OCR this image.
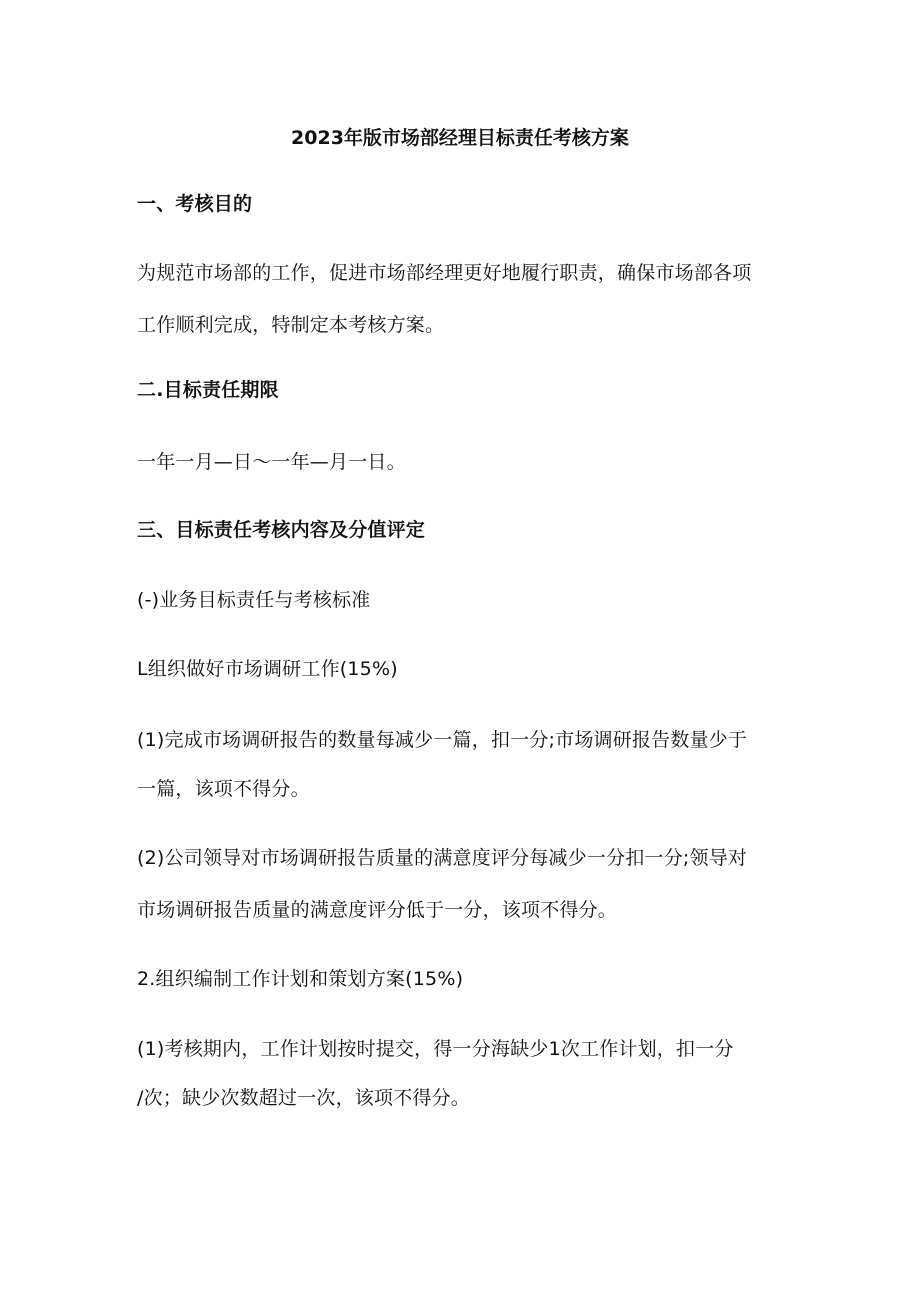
2023年版市场部经理目标责任考核方案
一、考核目的
为规范市场部的工作，促进市场部经理更好地履行职责，确保市场部各项
工作顺利完成，特制定本考核方案。
二.目标责任期限
一年一月—日～一年—月一日。
三、目标责任考核内容及分值评定
(-)业务目标责任与考核标准
L组织做好市场调研工作(15%)
(1)完成市场调研报告的数量每减少一篇，扣一分;市场调研报告数量少于
一篇，该项不得分。
(2)公司领导对市场调研报告质量的满意度评分每减少一分扣一分;领导对
市场调研报告质量的满意度评分低于一分，该项不得分。
2.组织编制工作计划和策划方案(15%)
(1)考核期内，工作计划按时提交，得一分海缺少1次工作计划，扣一分
/次；缺少次数超过一次，该项不得分。
